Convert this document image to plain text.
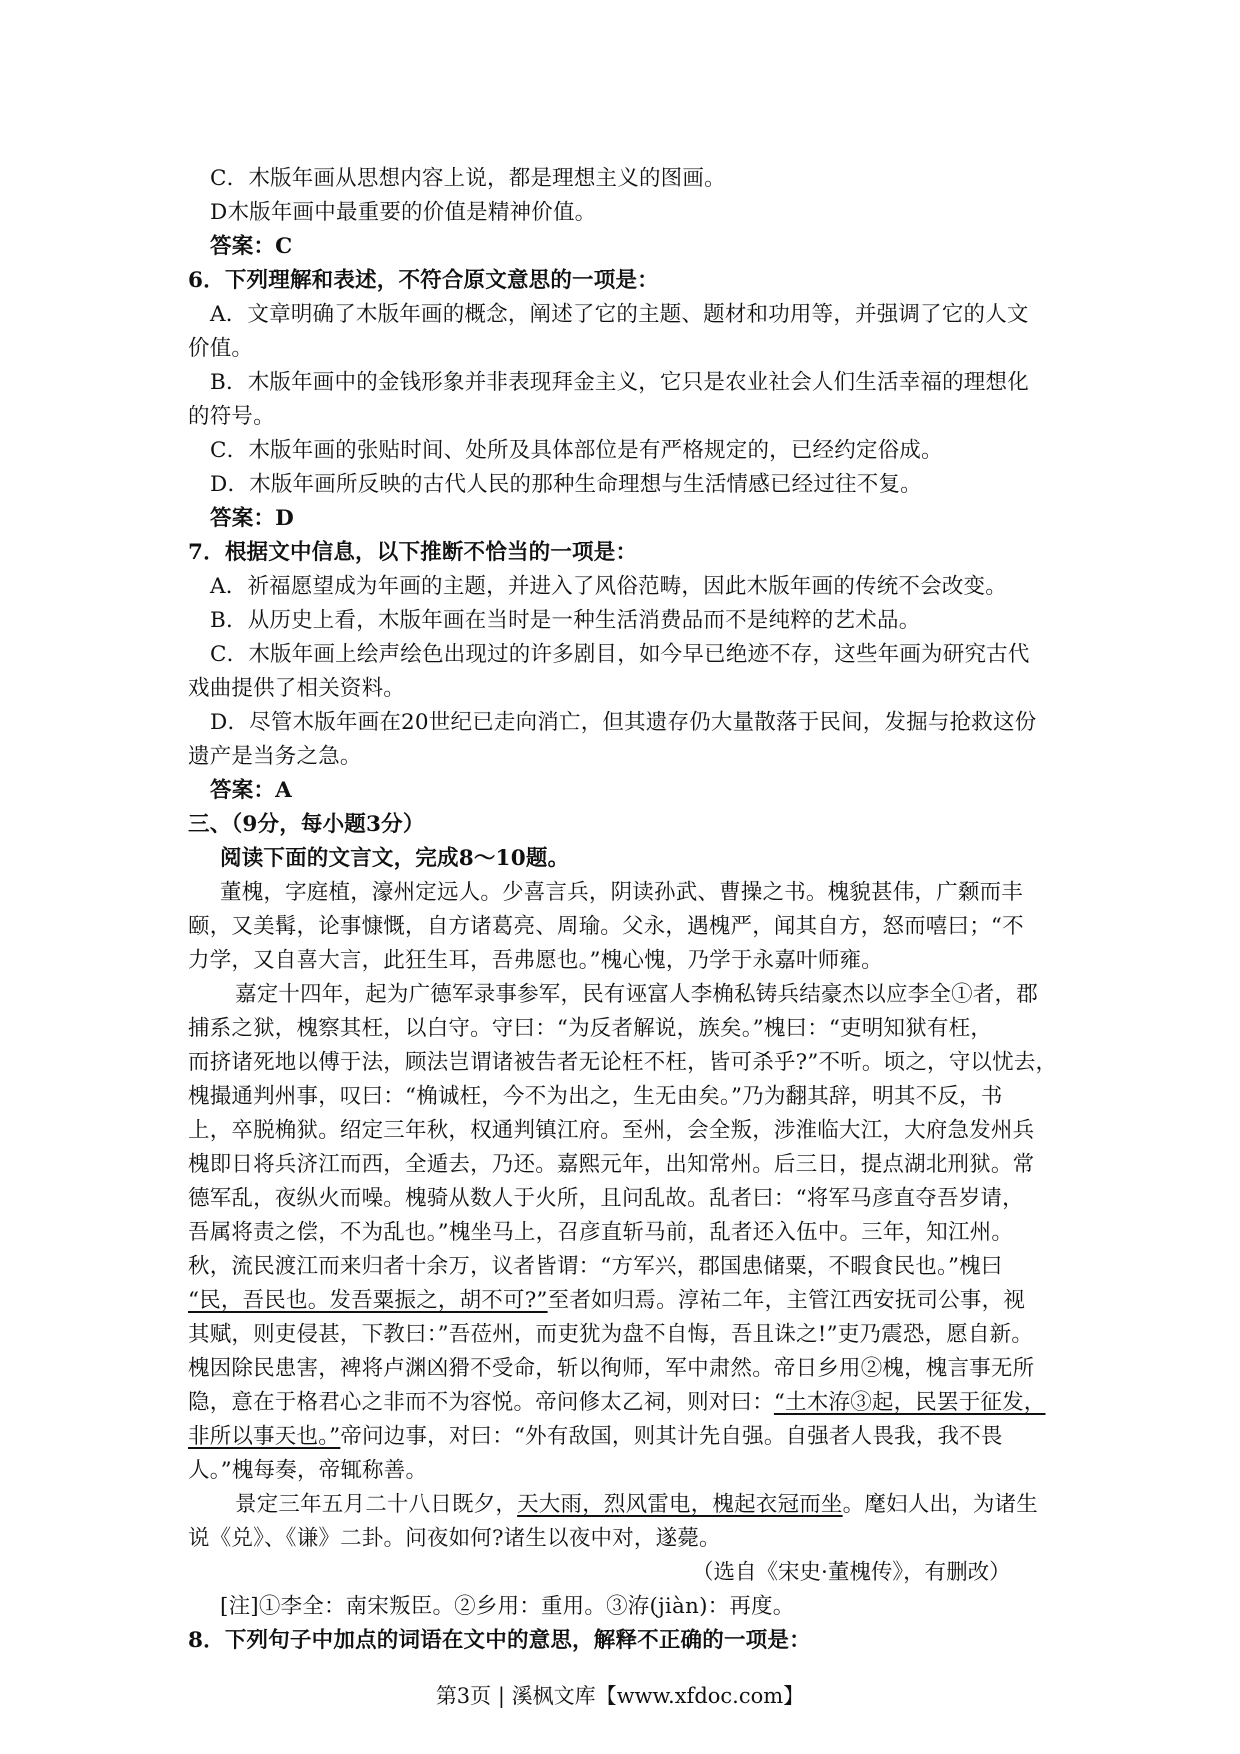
C．木版年画从思想内容上说，都是理想主义的图画。
D木版年画中最重要的价值是精神价值。
答案：C
6．下列理解和表述，不符合原文意思的一项是：
A．文章明确了木版年画的概念，阐述了它的主题、题材和功用等，并强调了它的人文
价值。
B．木版年画中的金钱形象并非表现拜金主义，它只是农业社会人们生活幸福的理想化
的符号。
C．木版年画的张贴时间、处所及具体部位是有严格规定的，已经约定俗成。
D．木版年画所反映的古代人民的那种生命理想与生活情感已经过往不复。
答案：D
7．根据文中信息，以下推断不恰当的一项是：
A．祈福愿望成为年画的主题，并进入了风俗范畴，因此木版年画的传统不会改变。
B．从历史上看，木版年画在当时是一种生活消费品而不是纯粹的艺术品。
C．木版年画上绘声绘色出现过的许多剧目，如今早已绝迹不存，这些年画为研究古代
戏曲提供了相关资料。
D．尽管木版年画在20世纪已走向消亡，但其遗存仍大量散落于民间，发掘与抢救这份
遗产是当务之急。
答案：A
三、（9分，每小题3分）
阅读下面的文言文，完成8～10题。
董槐，字庭植，濠州定远人。少喜言兵，阴读孙武、曹操之书。槐貌甚伟，广颡而丰
颐，又美髯，论事慷慨，自方诸葛亮、周瑜。父永，遇槐严，闻其自方，怒而嘻曰；“不
力学，又自喜大言，此狂生耳，吾弗愿也。”槐心愧，乃学于永嘉叶师雍。
嘉定十四年，起为广德军录事参军，民有诬富人李桷私铸兵结豪杰以应李全①者，郡
捕系之狱，槐察其枉，以白守。守曰：“为反者解说，族矣。”槐曰：“吏明知狱有枉，
而挤诸死地以傅于法，顾法岂谓诸被告者无论枉不枉，皆可杀乎?”不听。顷之，守以忧去，
槐撮通判州事，叹曰：“桷诚枉，今不为出之，生无由矣。”乃为翻其辞，明其不反，书
上，卒脱桷狱。绍定三年秋，权通判镇江府。至州，会全叛，涉淮临大江，大府急发州兵
槐即日将兵济江而西，全遁去，乃还。嘉熙元年，出知常州。后三日，提点湖北刑狱。常
德军乱，夜纵火而噪。槐骑从数人于火所，且问乱故。乱者曰：“将军马彦直夺吾岁请，
吾属将责之偿，不为乱也。”槐坐马上，召彦直斩马前，乱者还入伍中。三年，知江州。
秋，流民渡江而来归者十余万，议者皆谓：“方军兴，郡国患储粟，不暇食民也。”槐曰
“民，吾民也。发吾粟振之，胡不可?”至者如归焉。淳祐二年，主管江西安抚司公事，视
其赋，则吏侵甚，下教曰：”吾莅州，而吏犹为盘不自悔，吾且诛之!”吏乃震恐，愿自新。
槐因除民患害，裨将卢渊凶猾不受命，斩以徇师，军中肃然。帝日乡用②槐，槐言事无所
隐，意在于格君心之非而不为容悦。帝问修太乙祠，则对曰：“土木洊③起，民罢于征发，
非所以事天也。”帝问边事，对曰：“外有敌国，则其计先自强。自强者人畏我，我不畏
人。”槐每奏，帝辄称善。
景定三年五月二十八日既夕，天大雨，烈风雷电，槐起衣冠而坐。麾妇人出，为诸生
说《兑》、《谦》二卦。问夜如何?诸生以夜中对，遂薨。
（选自《宋史·董槐传》，有删改）
[注]①李全：南宋叛臣。②乡用：重用。③洊(jiàn)：再度。
8．下列句子中加点的词语在文中的意思，解释不正确的一项是：
第3页 | 溪枫文库【www.xfdoc.com】
